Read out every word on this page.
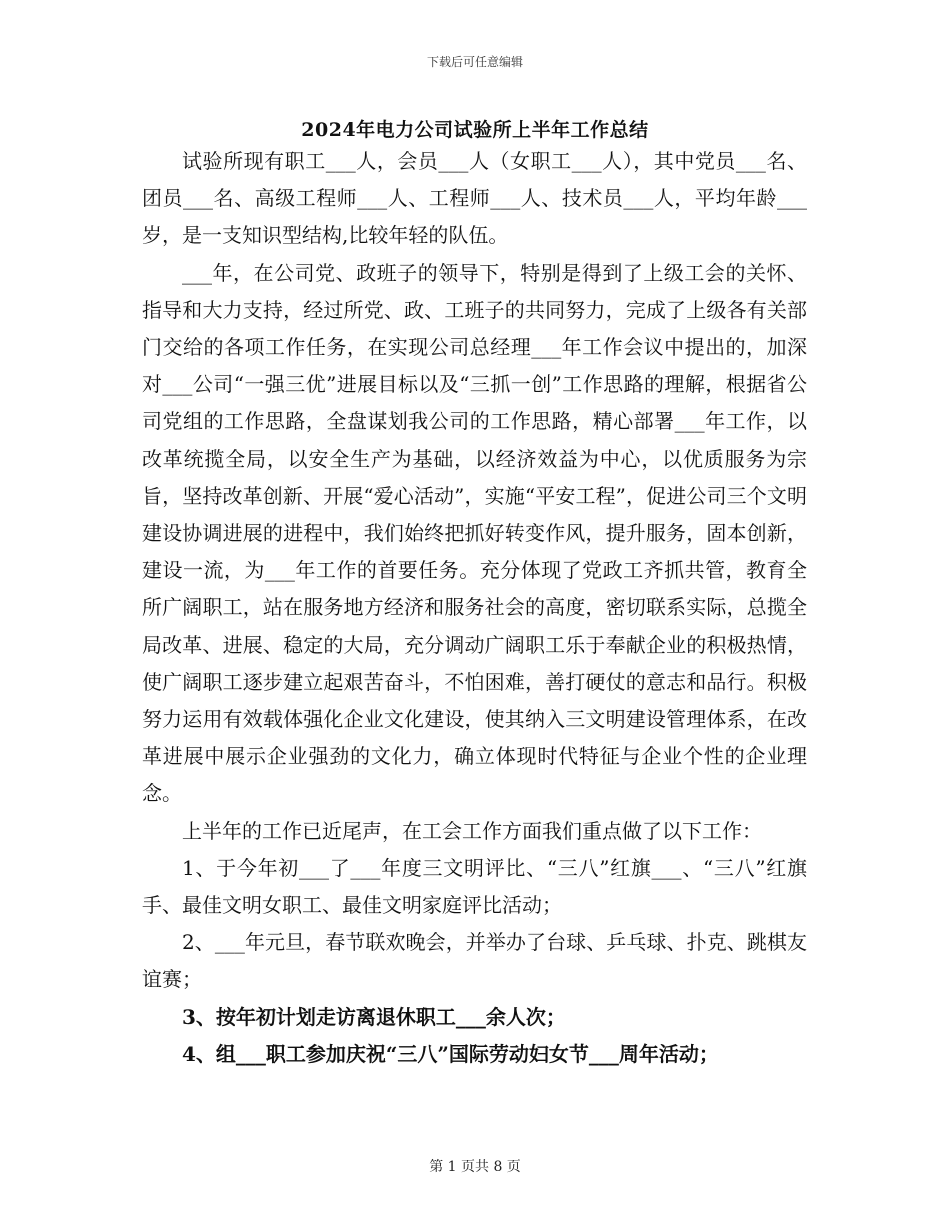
下载后可任意编辑
2024年电力公司试验所上半年工作总结

试验所现有职工___人，会员___人（女职工___人），其中党员___名、团员___名、高级工程师___人、工程师___人、技术员___人，平均年龄___岁，是一支知识型结构,比较年轻的队伍。

___年，在公司党、政班子的领导下，特别是得到了上级工会的关怀、指导和大力支持，经过所党、政、工班子的共同努力，完成了上级各有关部门交给的各项工作任务，在实现公司总经理___年工作会议中提出的，加深对___公司“一强三优”进展目标以及“三抓一创”工作思路的理解，根据省公司党组的工作思路，全盘谋划我公司的工作思路，精心部署___年工作，以改革统揽全局，以安全生产为基础，以经济效益为中心，以优质服务为宗旨，坚持改革创新、开展“爱心活动”，实施“平安工程”，促进公司三个文明建设协调进展的进程中，我们始终把抓好转变作风，提升服务，固本创新，建设一流，为___年工作的首要任务。充分体现了党政工齐抓共管，教育全所广阔职工，站在服务地方经济和服务社会的高度，密切联系实际，总揽全局改革、进展、稳定的大局，充分调动广阔职工乐于奉献企业的积极热情，使广阔职工逐步建立起艰苦奋斗，不怕困难，善打硬仗的意志和品行。积极努力运用有效载体强化企业文化建设，使其纳入三文明建设管理体系，在改革进展中展示企业强劲的文化力，确立体现时代特征与企业个性的企业理念。

上半年的工作已近尾声，在工会工作方面我们重点做了以下工作：

1、于今年初___了___年度三文明评比、“三八”红旗___、“三八”红旗手、最佳文明女职工、最佳文明家庭评比活动；

2、___年元旦，春节联欢晚会，并举办了台球、乒乓球、扑克、跳棋友谊赛；

3、按年初计划走访离退休职工___余人次；

4、组___职工参加庆祝“三八”国际劳动妇女节___周年活动；

第 1 页共 8 页
